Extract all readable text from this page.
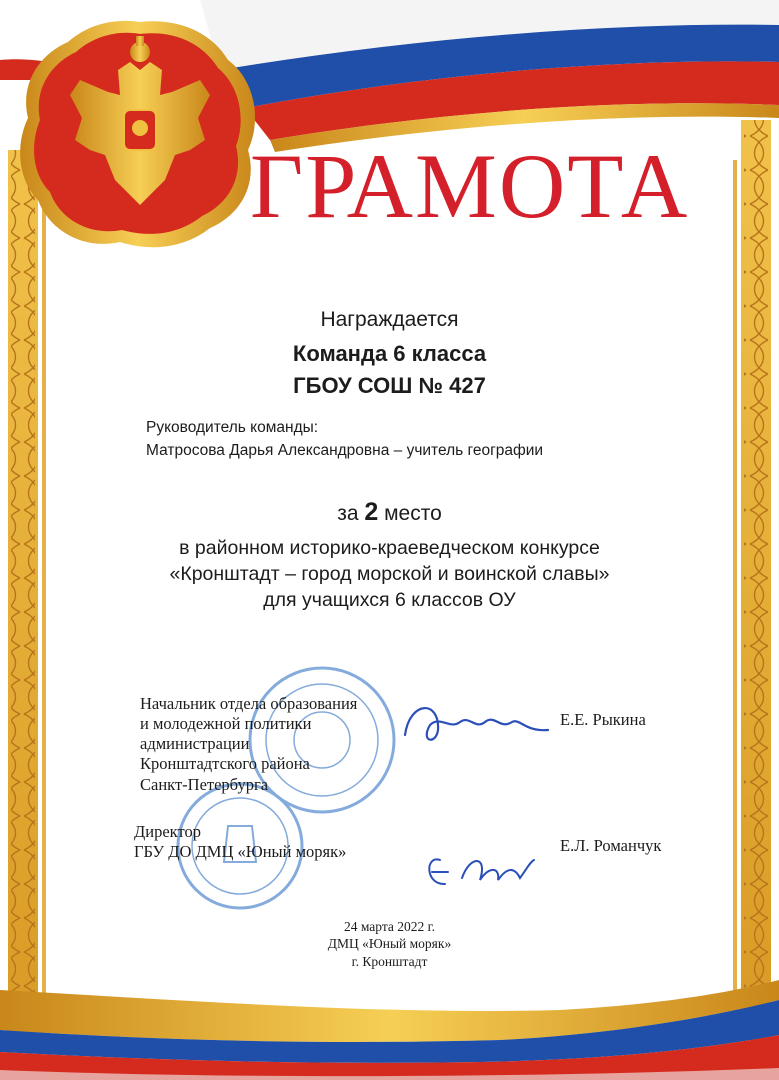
ГРАМОТА

Награждается

Команда 6 класса

ГБОУ СОШ № 427

Руководитель команды:

Матросова Дарья Александровна – учитель географии

за 2 место

в районном историко-краеведческом конкурсе

«Кронштадт – город морской и воинской славы»

для учащихся 6 классов ОУ

Начальник отдела образования
и молодежной политики
администрации
Кронштадтского района
Санкт-Петербурга

Е.Е. Рыкина

Директор
ГБУ ДО ДМЦ «Юный моряк»	Е.Л. Романчук

24 марта 2022 г.
ДМЦ «Юный моряк»
г. Кронштадт
